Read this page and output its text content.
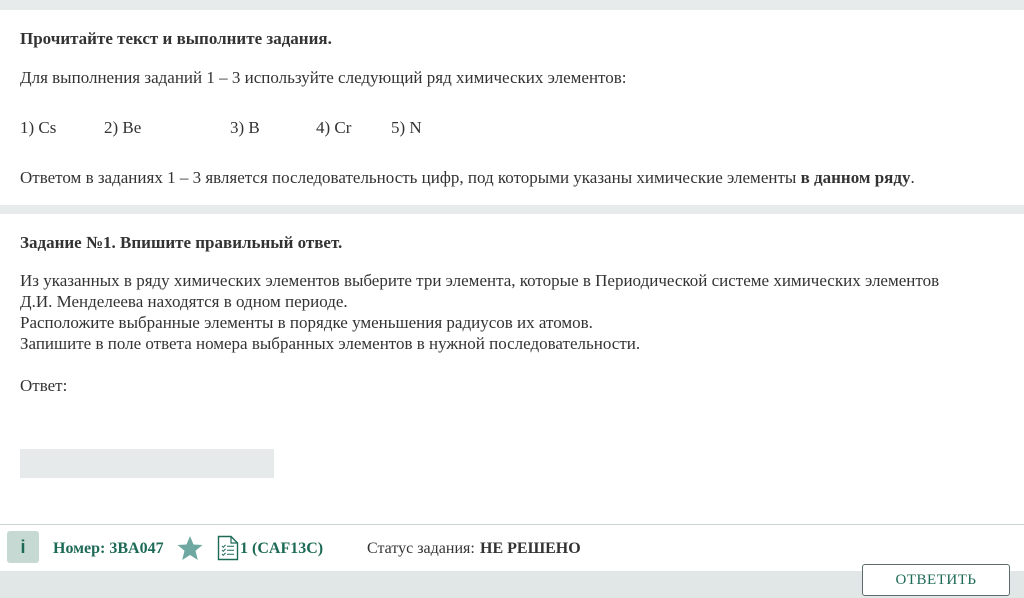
Прочитайте текст и выполните задания.
Для выполнения заданий 1 – 3 используйте следующий ряд химических элементов:
1) Cs	2) Be	3) B	4) Cr 5) N
Ответом в заданиях 1 – 3 является последовательность цифр, под которыми указаны химические элементы в данном ряду.
Задание №1. Впишите правильный ответ.
Из указанных в ряду химических элементов выберите три элемента, которые в Периодической системе химических элементов
Д.И. Менделеева находятся в одном периоде.
Расположите выбранные элементы в порядке уменьшения радиусов их атомов.
Запишите в поле ответа номера выбранных элементов в нужной последовательности.
Ответ:
i	Номер: 3BA047	1 (CAF13C)	Статус задания: НЕ РЕШЕНО
ОТВЕТИТЬ
